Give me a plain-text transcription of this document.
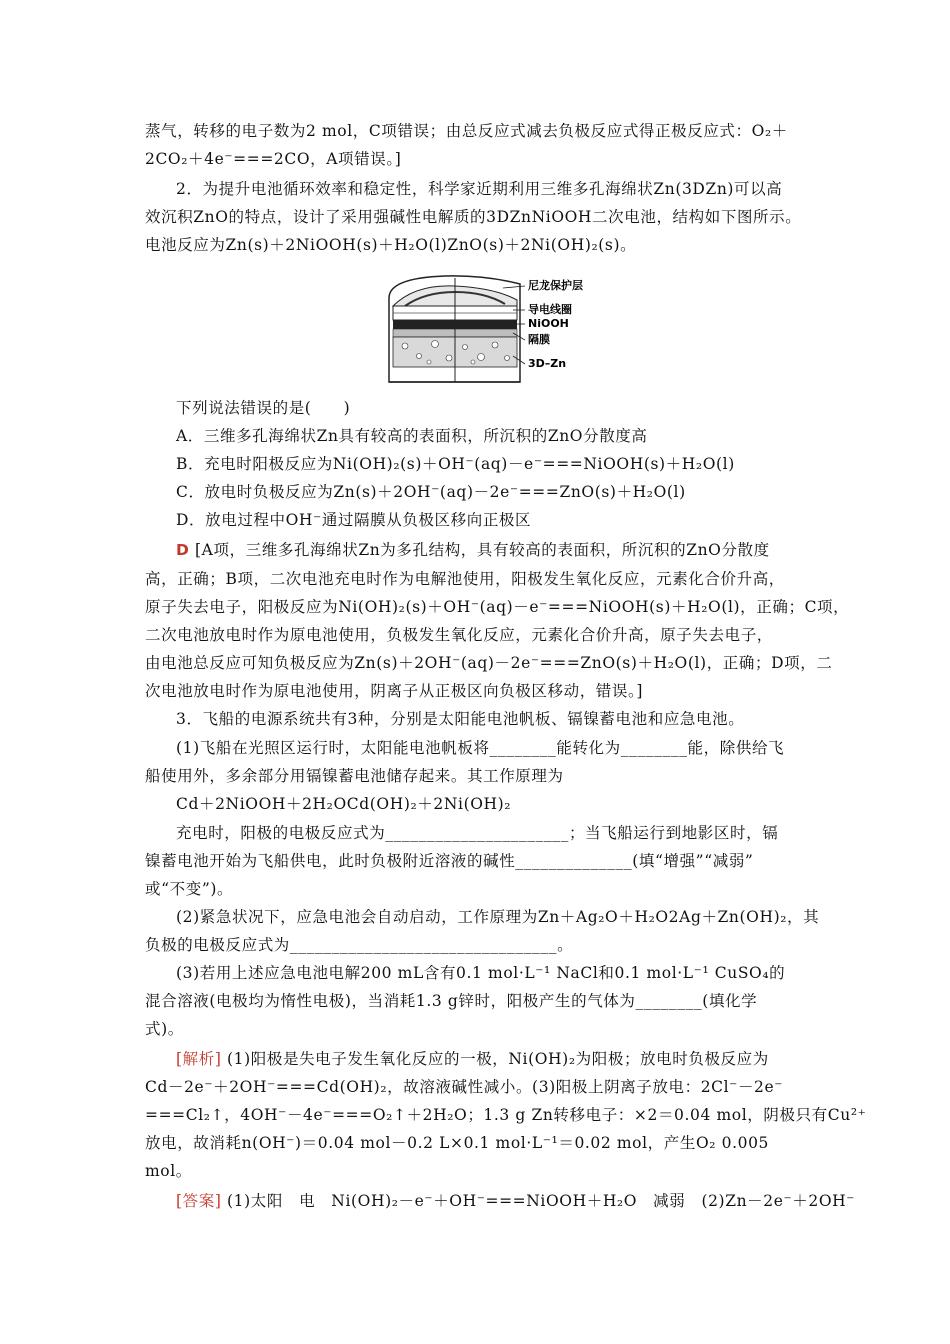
蒸气，转移的电子数为2 mol，C项错误；由总反应式减去负极反应式得正极反应式：O₂＋
2CO₂＋4e⁻===2CO，A项错误。]
2．为提升电池循环效率和稳定性，科学家近期利用三维多孔海绵状Zn(3DZn)可以高
效沉积ZnO的特点，设计了采用强碱性电解质的3DZnNiOOH二次电池，结构如下图所示。
电池反应为Zn(s)＋2NiOOH(s)＋H₂O(l)ZnO(s)＋2Ni(OH)₂(s)。
尼龙保护层
导电线圈
NiOOH
隔膜
3D–Zn
下列说法错误的是(　　)
A．三维多孔海绵状Zn具有较高的表面积，所沉积的ZnO分散度高
B．充电时阳极反应为Ni(OH)₂(s)＋OH⁻(aq)－e⁻===NiOOH(s)＋H₂O(l)
C．放电时负极反应为Zn(s)＋2OH⁻(aq)－2e⁻===ZnO(s)＋H₂O(l)
D．放电过程中OH⁻通过隔膜从负极区移向正极区
D [A项，三维多孔海绵状Zn为多孔结构，具有较高的表面积，所沉积的ZnO分散度
高，正确；B项，二次电池充电时作为电解池使用，阳极发生氧化反应，元素化合价升高，
原子失去电子，阳极反应为Ni(OH)₂(s)＋OH⁻(aq)－e⁻===NiOOH(s)＋H₂O(l)，正确；C项，
二次电池放电时作为原电池使用，负极发生氧化反应，元素化合价升高，原子失去电子，
由电池总反应可知负极反应为Zn(s)＋2OH⁻(aq)－2e⁻===ZnO(s)＋H₂O(l)，正确；D项，二
次电池放电时作为原电池使用，阴离子从正极区向负极区移动，错误。]
3．飞船的电源系统共有3种，分别是太阳能电池帆板、镉镍蓄电池和应急电池。
(1)飞船在光照区运行时，太阳能电池帆板将________能转化为________能，除供给飞
船使用外，多余部分用镉镍蓄电池储存起来。其工作原理为
Cd＋2NiOOH＋2H₂OCd(OH)₂＋2Ni(OH)₂
充电时，阳极的电极反应式为______________________；当飞船运行到地影区时，镉
镍蓄电池开始为飞船供电，此时负极附近溶液的碱性______________(填“增强”“减弱”
或“不变”)。
(2)紧急状况下，应急电池会自动启动，工作原理为Zn＋Ag₂O＋H₂O2Ag＋Zn(OH)₂，其
负极的电极反应式为________________________________。
(3)若用上述应急电池电解200 mL含有0.1 mol·L⁻¹ NaCl和0.1 mol·L⁻¹ CuSO₄的
混合溶液(电极均为惰性电极)，当消耗1.3 g锌时，阳极产生的气体为________(填化学
式)。
[解析] (1)阳极是失电子发生氧化反应的一极，Ni(OH)₂为阳极；放电时负极反应为
Cd－2e⁻＋2OH⁻===Cd(OH)₂，故溶液碱性减小。(3)阳极上阴离子放电：2Cl⁻－2e⁻
===Cl₂↑，4OH⁻－4e⁻===O₂↑＋2H₂O；1.3 g Zn转移电子：×2＝0.04 mol，阴极只有Cu²⁺
放电，故消耗n(OH⁻)＝0.04 mol－0.2 L×0.1 mol·L⁻¹＝0.02 mol，产生O₂ 0.005
mol。
[答案] (1)太阳　电　Ni(OH)₂－e⁻＋OH⁻===NiOOH＋H₂O　减弱　(2)Zn－2e⁻＋2OH⁻
